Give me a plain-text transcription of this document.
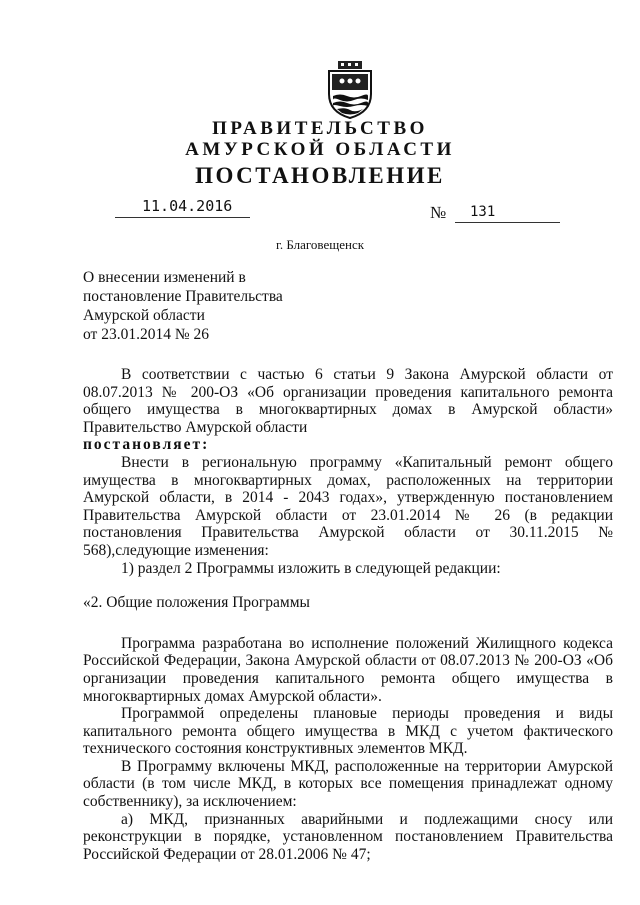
ПРАВИТЕЛЬСТВО
АМУРСКОЙ ОБЛАСТИ
ПОСТАНОВЛЕНИЕ
11.04.2016	№ 131
г. Благовещенск
О внесении изменений в
постановление Правительства
Амурской области
от 23.01.2014 № 26

В соответствии с частью 6 статьи 9 Закона Амурской области от 08.07.2013 № 200-ОЗ «Об организации проведения капитального ремонта общего имущества в многоквартирных домах в Амурской области» Правительство Амурской области

постановляет:

Внести в региональную программу «Капитальный ремонт общего имущества в многоквартирных домах, расположенных на территории Амурской области, в 2014 - 2043 годах», утвержденную постановлением Правительства Амурской области от 23.01.2014 № 26 (в редакции постановления Правительства Амурской области от 30.11.2015 № 568),следующие изменения:

1) раздел 2 Программы изложить в следующей редакции:

«2. Общие положения Программы

Программа разработана во исполнение положений Жилищного кодекса Российской Федерации, Закона Амурской области от 08.07.2013 № 200-ОЗ «Об организации проведения капитального ремонта общего имущества в многоквартирных домах Амурской области».

Программой определены плановые периоды проведения и виды капитального ремонта общего имущества в МКД с учетом фактического технического состояния конструктивных элементов МКД.

В Программу включены МКД, расположенные на территории Амурской области (в том числе МКД, в которых все помещения принадлежат одному собственнику), за исключением:

а) МКД, признанных аварийными и подлежащими сносу или реконструкции в порядке, установленном постановлением Правительства Российской Федерации от 28.01.2006 № 47;
